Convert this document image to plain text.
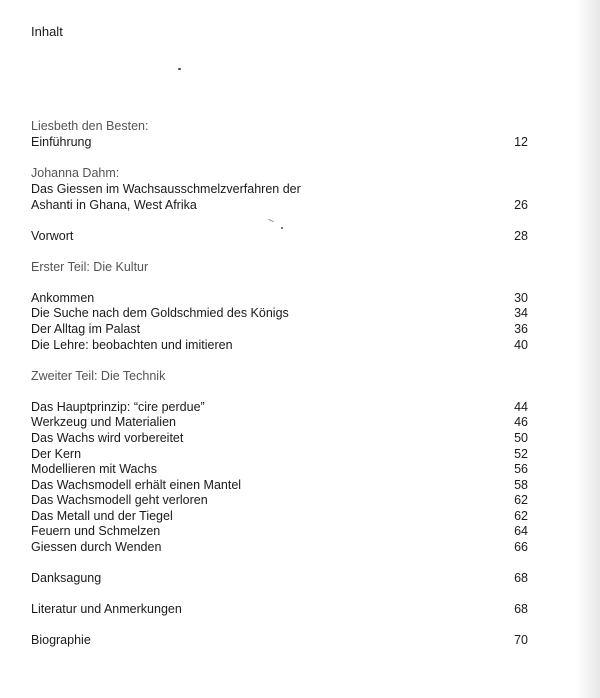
Inhalt
Liesbeth den Besten:
Einführung	12
Johanna Dahm:
Das Giessen im Wachsausschmelzverfahren der
Ashanti in Ghana, West Afrika	26
Vorwort	28
Erster Teil: Die Kultur
Ankommen	30
Die Suche nach dem Goldschmied des Königs	34
Der Alltag im Palast	36
Die Lehre: beobachten und imitieren	40
Zweiter Teil: Die Technik
Das Hauptprinzip: “cire perdue”	44
Werkzeug und Materialien	46
Das Wachs wird vorbereitet	50
Der Kern	52
Modellieren mit Wachs	56
Das Wachsmodell erhält einen Mantel	58
Das Wachsmodell geht verloren	62
Das Metall und der Tiegel	62
Feuern und Schmelzen	64
Giessen durch Wenden	66
Danksagung	68
Literatur und Anmerkungen	68
Biographie	70
